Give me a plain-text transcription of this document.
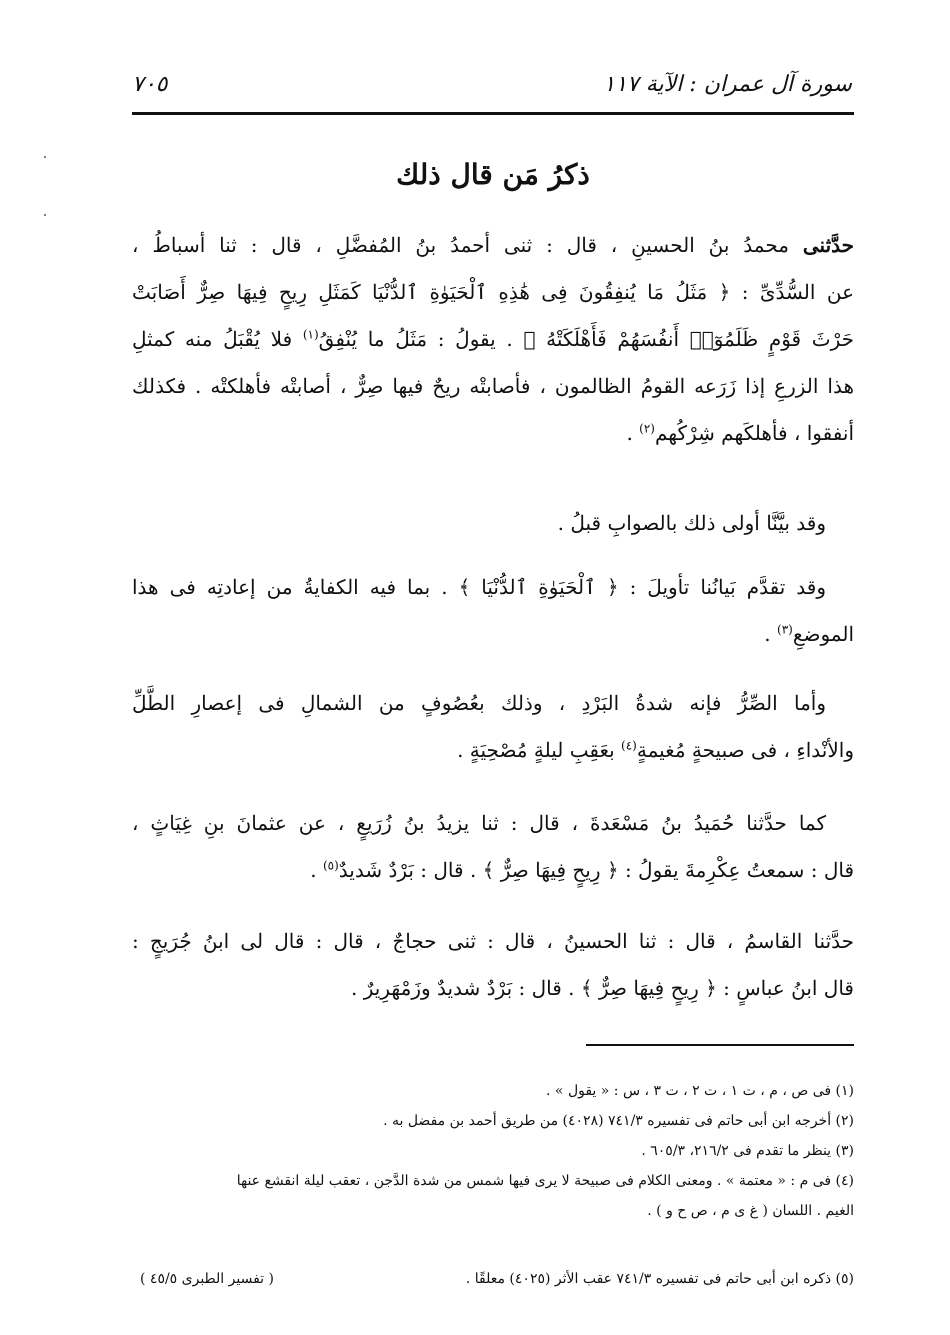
سورة آل عمران : الآية ١١٧
٧٠٥
ذكرُ مَن قال ذلك
حدَّثنى محمدُ بنُ الحسينِ ، قال : ثنى أحمدُ بنُ المُفضَّلِ ، قال : ثنا أسباطُ ،
عن السُّدِّىِّ : ﴿ مَثَلُ مَا يُنفِقُونَ فِى هَٰذِهِ ٱلْحَيَوٰةِ ٱلدُّنْيَا كَمَثَلِ رِيحٍ فِيهَا صِرٌّ أَصَابَتْ
حَرْثَ قَوْمٍ ظَلَمُوٓا۟ أَنفُسَهُمْ فَأَهْلَكَتْهُ ﴾ . يقولُ : مَثَلُ ما يُنْفِقُ$^{(١)}$ فلا يُقْبَلُ منه كمثلِ
هذا الزرعِ إذا زَرَعه القومُ الظالمون ، فأصابتْه ريحٌ فيها صِرٌّ ، أصابتْه فأهلكتْه . فكذلك
أنفقوا ، فأهلكَهم شِرْكُهم$^{(٢)}$ .
وقد بيَّنَّا أولى ذلك بالصوابِ قبلُ .
وقد تقدَّم بَيانُنا تأويلَ : ﴿ ٱلْحَيَوٰةِ ٱلدُّنْيَا ﴾ . بما فيه الكفايةُ من إعادتِه فى هذا
الموضعِ$^{(٣)}$ .
وأما الصِّرُّ فإنه شدةُ البَرْدِ ، وذلك بعُصُوفٍ من الشمالِ فى إعصارِ الطَّلِّ
والأنْداءِ ، فى صبيحةٍ مُغيمةٍ$^{(٤)}$ بعَقِبِ ليلةٍ مُصْحِيَةٍ .
كما حدَّثنا حُمَيدُ بنُ مَسْعَدةَ ، قال : ثنا يزيدُ بنُ زُرَيعٍ ، عن عثمانَ بنِ غِيَاثٍ ،
قال : سمعتُ عِكْرِمةَ يقولُ : ﴿ رِيحٍ فِيهَا صِرٌّ ﴾ . قال : بَرْدٌ شَديدٌ$^{(٥)}$ .
حدَّثنا القاسمُ ، قال : ثنا الحسينُ ، قال : ثنى حجاجٌ ، قال : قال لى ابنُ جُرَيجٍ :
قال ابنُ عباسٍ : ﴿ رِيحٍ فِيهَا صِرٌّ ﴾ . قال : بَرْدٌ شديدٌ وزَمْهَرِيرٌ .
(١) فى ص ، م ، ت ١ ، ت ٢ ، ت ٣ ، س : « يقول » .
(٢) أخرجه ابن أبى حاتم فى تفسيره ٧٤١/٣ (٤٠٢٨) من طريق أحمد بن مفضل به .
(٣) ينظر ما تقدم فى ٢١٦/٢، ٦٠٥/٣ .
(٤) فى م : « معتمة » . ومعنى الكلام فى صبيحة لا يرى فيها شمس من شدة الدَّجن ، تعقب ليلة انقشع عنها
الغيم . اللسان ( غ ى م ، ص ح و ) .
(٥) ذكره ابن أبى حاتم فى تفسيره ٧٤١/٣ عقب الأثر (٤٠٢٥) معلقًا .
( تفسير الطبرى ٤٥/٥ )
